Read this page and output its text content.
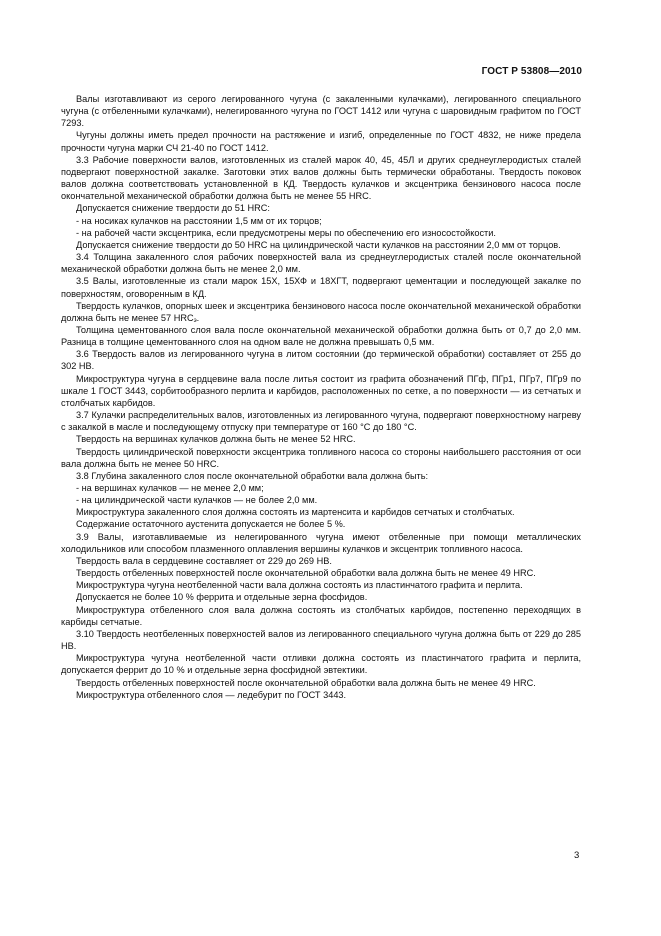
ГОСТ Р 53808—2010

Валы изготавливают из серого легированного чугуна (с закаленными кулачками), легированного специального чугуна (с отбеленными кулачками), нелегированного чугуна по ГОСТ 1412 или чугуна с шаровидным графитом по ГОСТ 7293.

Чугуны должны иметь предел прочности на растяжение и изгиб, определенные по ГОСТ 4832, не ниже предела прочности чугуна марки СЧ 21-40 по ГОСТ 1412.

3.3 Рабочие поверхности валов, изготовленных из сталей марок 40, 45, 45Л и других среднеуглеродистых сталей подвергают поверхностной закалке. Заготовки этих валов должны быть термически обработаны. Твердость поковок валов должна соответствовать установленной в КД. Твердость кулачков и эксцентрика бензинового насоса после окончательной механической обработки должна быть не менее 55 HRC.

Допускается снижение твердости до 51 HRC:

- на носиках кулачков на расстоянии 1,5 мм от их торцов;

- на рабочей части эксцентрика, если предусмотрены меры по обеспечению его износостойкости.

Допускается снижение твердости до 50 HRC на цилиндрической части кулачков на расстоянии 2,0 мм от торцов.

3.4 Толщина закаленного слоя рабочих поверхностей вала из среднеуглеродистых сталей после окончательной механической обработки должна быть не менее 2,0 мм.

3.5 Валы, изготовленные из стали марок 15Х, 15ХФ и 18ХГТ, подвергают цементации и последующей закалке по поверхностям, оговоренным в КД.

Твердость кулачков, опорных шеек и эксцентрика бензинового насоса после окончательной механической обработки должна быть не менее 57 $HRC_э$.

Толщина цементованного слоя вала после окончательной механической обработки должна быть от 0,7 до 2,0 мм. Разница в толщине цементованного слоя на одном вале не должна превышать 0,5 мм.

3.6 Твердость валов из легированного чугуна в литом состоянии (до термической обработки) составляет от 255 до 302 HB.

Микроструктура чугуна в сердцевине вала после литья состоит из графита обозначений ПГф, ПГр1, ПГр7, ПГр9 по шкале 1 ГОСТ 3443, сорбитообразного перлита и карбидов, расположенных по сетке, а по поверхности — из сетчатых и столбчатых карбидов.

3.7 Кулачки распределительных валов, изготовленных из легированного чугуна, подвергают поверхностному нагреву с закалкой в масле и последующему отпуску при температуре от 160 °С до 180 °С.

Твердость на вершинах кулачков должна быть не менее 52 HRC.

Твердость цилиндрической поверхности эксцентрика топливного насоса со стороны наибольшего расстояния от оси вала должна быть не менее 50 HRC.

3.8 Глубина закаленного слоя после окончательной обработки вала должна быть:

- на вершинах кулачков — не менее 2,0 мм;

- на цилиндрической части кулачков — не более 2,0 мм.

Микроструктура закаленного слоя должна состоять из мартенсита и карбидов сетчатых и столбчатых.

Содержание остаточного аустенита допускается не более 5 %.

3.9 Валы, изготавливаемые из нелегированного чугуна имеют отбеленные при помощи металлических холодильников или способом плазменного оплавления вершины кулачков и эксцентрик топливного насоса.

Твердость вала в сердцевине составляет от 229 до 269 HB.

Твердость отбеленных поверхностей после окончательной обработки вала должна быть не менее 49 HRC.

Микроструктура чугуна неотбеленной части вала должна состоять из пластинчатого графита и перлита.

Допускается не более 10 % феррита и отдельные зерна фосфидов.

Микроструктура отбеленного слоя вала должна состоять из столбчатых карбидов, постепенно переходящих в карбиды сетчатые.

3.10 Твердость неотбеленных поверхностей валов из легированного специального чугуна должна быть от 229 до 285 HB.

Микроструктура чугуна неотбеленной части отливки должна состоять из пластинчатого графита и перлита, допускается феррит до 10 % и отдельные зерна фосфидной эвтектики.

Твердость отбеленных поверхностей после окончательной обработки вала должна быть не менее 49 HRC.

Микроструктура отбеленного слоя — ледебурит по ГОСТ 3443.

3
